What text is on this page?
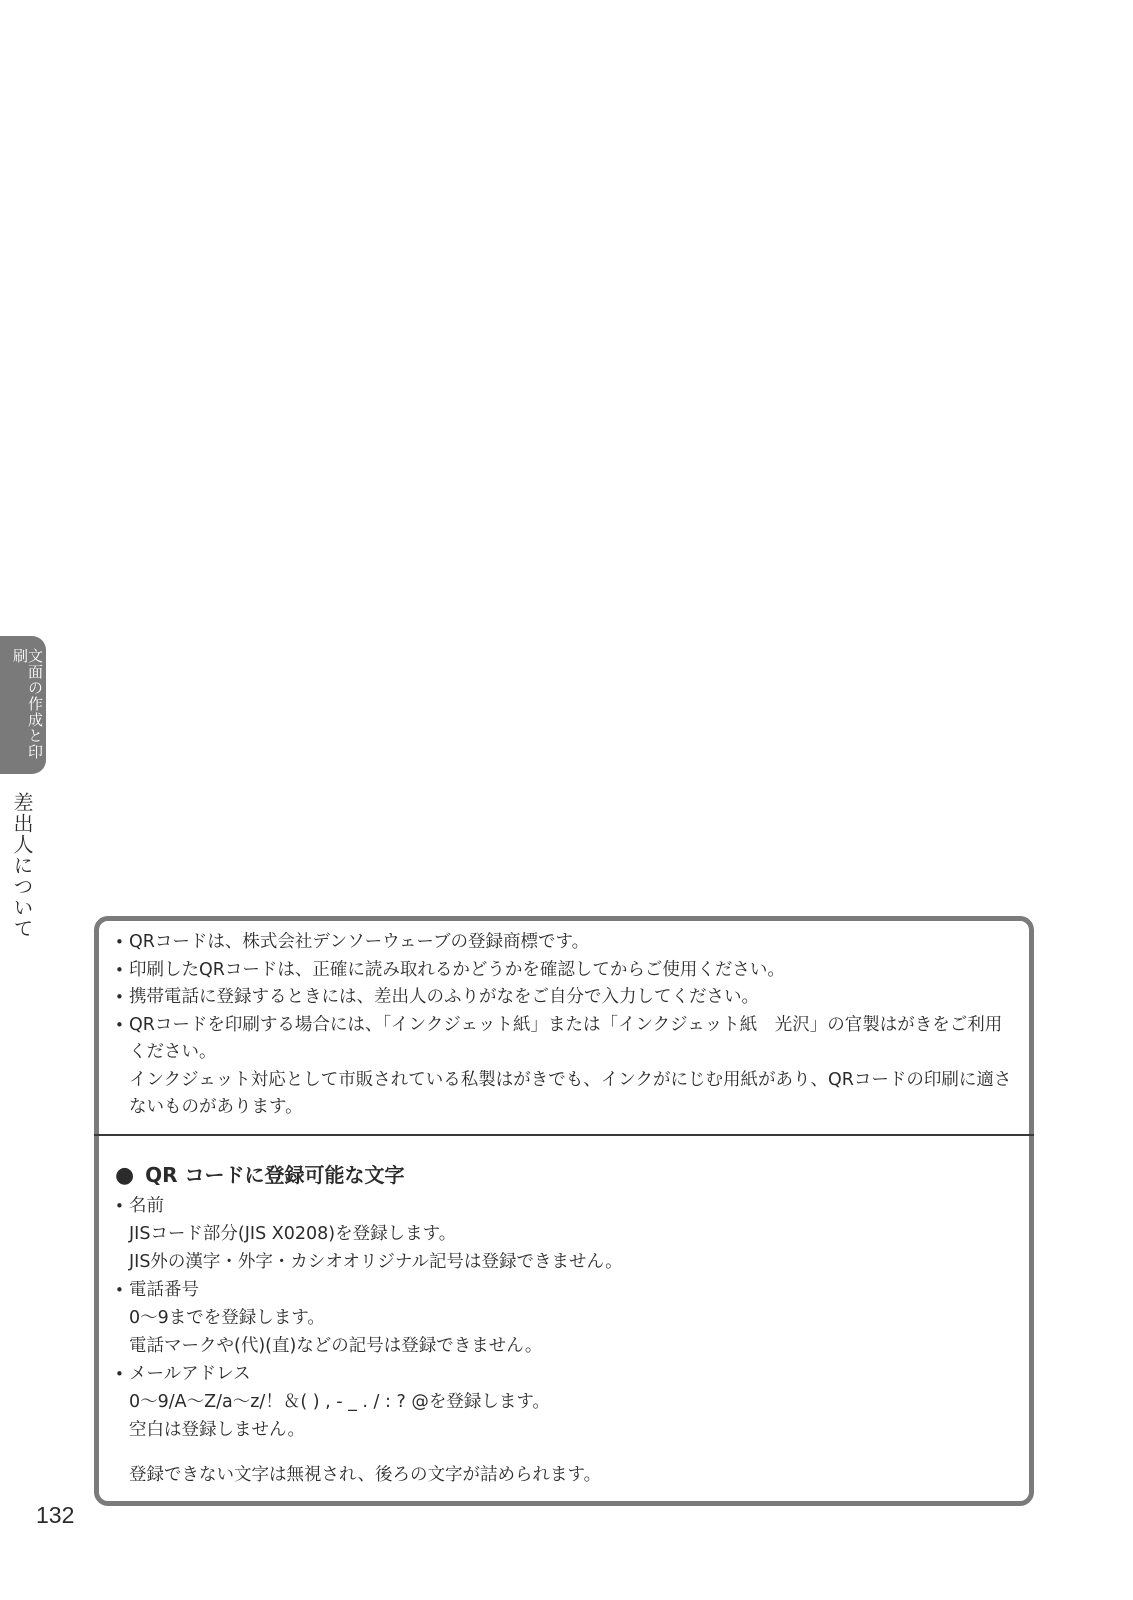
文面の作成と印刷
差出人について
132
• QRコードは、株式会社デンソーウェーブの登録商標です。
• 印刷したQRコードは、正確に読み取れるかどうかを確認してからご使用ください。
• 携帯電話に登録するときには、差出人のふりがなをご自分で入力してください。
• QRコードを印刷する場合には、「インクジェット紙」または「インクジェット紙　光沢」の官製はがきをご利用ください。
インクジェット対応として市販されている私製はがきでも、インクがにじむ用紙があり、QRコードの印刷に適さないものがあります。
● QR コードに登録可能な文字
• 名前
JISコード部分(JIS X0208)を登録します。
JIS外の漢字・外字・カシオオリジナル記号は登録できません。
• 電話番号
0〜9までを登録します。
電話マークや(代)(直)などの記号は登録できません。
• メールアドレス
0〜9/A〜Z/a〜z/！＆( ) , - _ . / : ? @を登録します。
空白は登録しません。
登録できない文字は無視され、後ろの文字が詰められます。
